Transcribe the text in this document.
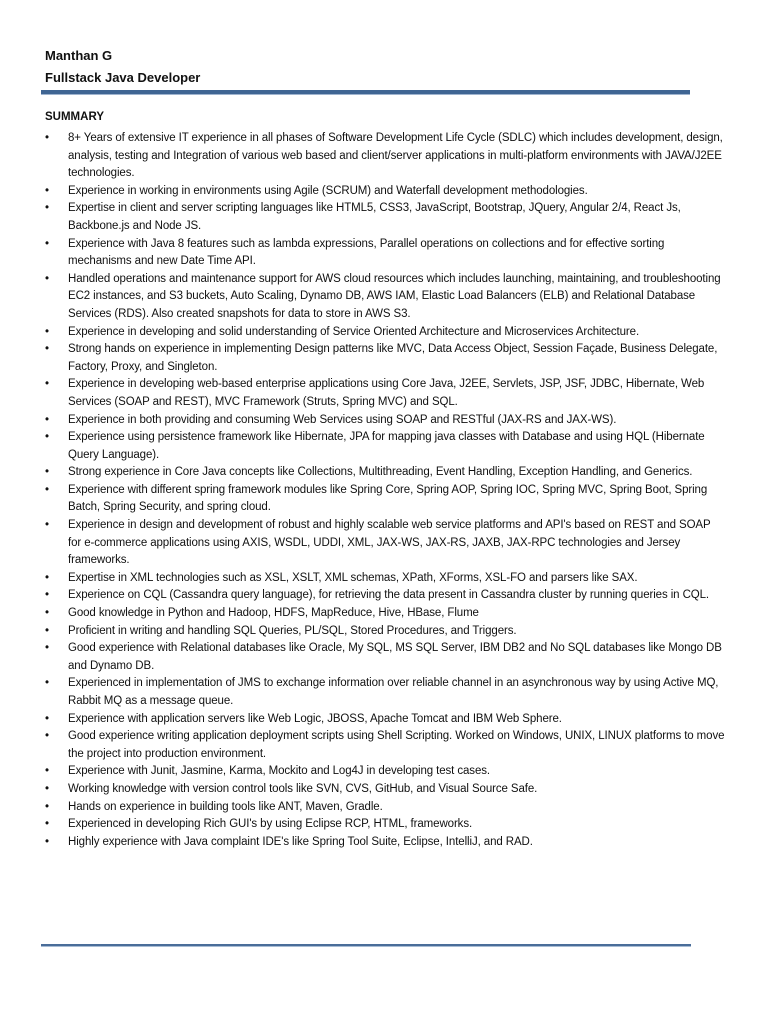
Manthan G
Fullstack Java Developer
SUMMARY
•	8+ Years of extensive IT experience in all phases of Software Development Life Cycle (SDLC) which includes development, design, analysis, testing and Integration of various web based and client/server applications in multi-platform environments with JAVA/J2EE technologies.
•	Experience in working in environments using Agile (SCRUM) and Waterfall development methodologies.
•	Expertise in client and server scripting languages like HTML5, CSS3, JavaScript, Bootstrap, JQuery, Angular 2/4, React Js, Backbone.js and Node JS.
•	Experience with Java 8 features such as lambda expressions, Parallel operations on collections and for effective sorting mechanisms and new Date Time API.
•	Handled operations and maintenance support for AWS cloud resources which includes launching, maintaining, and troubleshooting EC2 instances, and S3 buckets, Auto Scaling, Dynamo DB, AWS IAM, Elastic Load Balancers (ELB) and Relational Database Services (RDS). Also created snapshots for data to store in AWS S3.
•	Experience in developing and solid understanding of Service Oriented Architecture and Microservices Architecture.
•	Strong hands on experience in implementing Design patterns like MVC, Data Access Object, Session Façade, Business Delegate, Factory, Proxy, and Singleton.
•	Experience in developing web-based enterprise applications using Core Java, J2EE, Servlets, JSP, JSF, JDBC, Hibernate, Web Services (SOAP and REST), MVC Framework (Struts, Spring MVC) and SQL.
•	Experience in both providing and consuming Web Services using SOAP and RESTful (JAX-RS and JAX-WS).
•	Experience using persistence framework like Hibernate, JPA for mapping java classes with Database and using HQL (Hibernate Query Language).
•	Strong experience in Core Java concepts like Collections, Multithreading, Event Handling, Exception Handling, and Generics.
•	Experience with different spring framework modules like Spring Core, Spring AOP, Spring IOC, Spring MVC, Spring Boot, Spring Batch, Spring Security, and spring cloud.
•	Experience in design and development of robust and highly scalable web service platforms and API's based on REST and SOAP for e-commerce applications using AXIS, WSDL, UDDI, XML, JAX-WS, JAX-RS, JAXB, JAX-RPC technologies and Jersey frameworks.
•	Expertise in XML technologies such as XSL, XSLT, XML schemas, XPath, XForms, XSL-FO and parsers like SAX.
•	Experience on CQL (Cassandra query language), for retrieving the data present in Cassandra cluster by running queries in CQL.
•	Good knowledge in Python and Hadoop, HDFS, MapReduce, Hive, HBase, Flume
•	Proficient in writing and handling SQL Queries, PL/SQL, Stored Procedures, and Triggers.
•	Good experience with Relational databases like Oracle, My SQL, MS SQL Server, IBM DB2 and No SQL databases like Mongo DB and Dynamo DB.
•	Experienced in implementation of JMS to exchange information over reliable channel in an asynchronous way by using Active MQ, Rabbit MQ as a message queue.
•	Experience with application servers like Web Logic, JBOSS, Apache Tomcat and IBM Web Sphere.
•	Good experience writing application deployment scripts using Shell Scripting. Worked on Windows, UNIX, LINUX platforms to move the project into production environment.
•	Experience with Junit, Jasmine, Karma, Mockito and Log4J in developing test cases.
•	Working knowledge with version control tools like SVN, CVS, GitHub, and Visual Source Safe.
•	Hands on experience in building tools like ANT, Maven, Gradle.
•	Experienced in developing Rich GUI's by using Eclipse RCP, HTML, frameworks.
•	Highly experience with Java complaint IDE's like Spring Tool Suite, Eclipse, IntelliJ, and RAD.
